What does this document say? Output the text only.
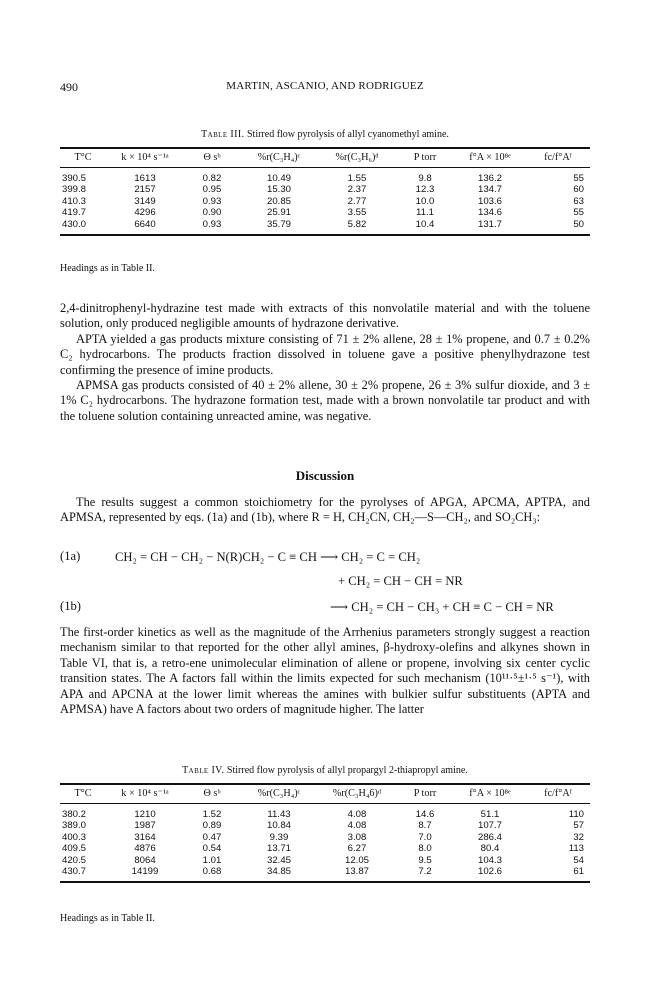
490	MARTIN, ASCANIO, AND RODRIGUEZ
Table III. Stirred flow pyrolysis of allyl cyanomethyl amine.
T°C	k × 10⁴ s⁻¹ᵃ	Θ sᵇ	%r(C₃H₄)ᶜ	%r(C₃H₆)ᵈ	P torr	f°A × 10⁸ᵉ	fc/f°Aᶠ
390.5	1613	0.82	10.49	1.55	9.8	136.2	55
399.8	2157	0.95	15.30	2.37	12.3	134.7	60
410.3	3149	0.93	20.85	2.77	10.0	103.6	63
419.7	4296	0.90	25.91	3.55	11.1	134.6	55
430.0	6640	0.93	35.79	5.82	10.4	131.7	50
Headings as in Table II.

2,4-dinitrophenyl-hydrazine test made with extracts of this nonvolatile material and with the toluene solution, only produced negligible amounts of hydrazone derivative.

APTA yielded a gas products mixture consisting of 71 ± 2% allene, 28 ± 1% propene, and 0.7 ± 0.2% C₂ hydrocarbons. The products fraction dissolved in toluene gave a positive phenylhydrazone test confirming the presence of imine products.

APMSA gas products consisted of 40 ± 2% allene, 30 ± 2% propene, 26 ± 3% sulfur dioxide, and 3 ± 1% C₂ hydrocarbons. The hydrazone formation test, made with a brown nonvolatile tar product and with the toluene solution containing unreacted amine, was negative.

Discussion

The results suggest a common stoichiometry for the pyrolyses of APGA, APCMA, APTPA, and APMSA, represented by eqs. (1a) and (1b), where R = H, CH₂CN, CH₂—S—CH₂, and SO₂CH₃:

(1a)	CH₂ = CH − CH₂ − N(R)CH₂ − C ≡ CH ⟶ CH₂ = C = CH₂
+ CH₂ = CH − CH = NR
(1b)	⟶ CH₂ = CH − CH₃ + CH ≡ C − CH = NR

The first-order kinetics as well as the magnitude of the Arrhenius parameters strongly suggest a reaction mechanism similar to that reported for the other allyl amines, β-hydroxy-olefins and alkynes shown in Table VI, that is, a retro-ene unimolecular elimination of allene or propene, involving six center cyclic transition states. The A factors fall within the limits expected for such mechanism (10¹¹·⁵±¹·⁵ s⁻¹), with APA and APCNA at the lower limit whereas the amines with bulkier sulfur substituents (APTA and APMSA) have A factors about two orders of magnitude higher. The latter

Table IV. Stirred flow pyrolysis of allyl propargyl 2-thiapropyl amine.
T°C	k × 10⁴ s⁻¹ᵃ	Θ sᵇ	%r(C₃H₄)ᶜ	%r(C₃H₄6)ᵈ	P torr	f°A × 10⁸ᵉ	fc/f°Aᶠ
380.2	1210	1.52	11.43	4.08	14.6	51.1	110
389.0	1987	0.89	10.84	4.08	8.7	107.7	57
400.3	3164	0.47	9.39	3.08	7.0	286.4	32
409.5	4876	0.54	13.71	6.27	8.0	80.4	113
420.5	8064	1.01	32.45	12.05	9.5	104.3	54
430.7	14199	0.68	34.85	13.87	7.2	102.6	61
Headings as in Table II.
